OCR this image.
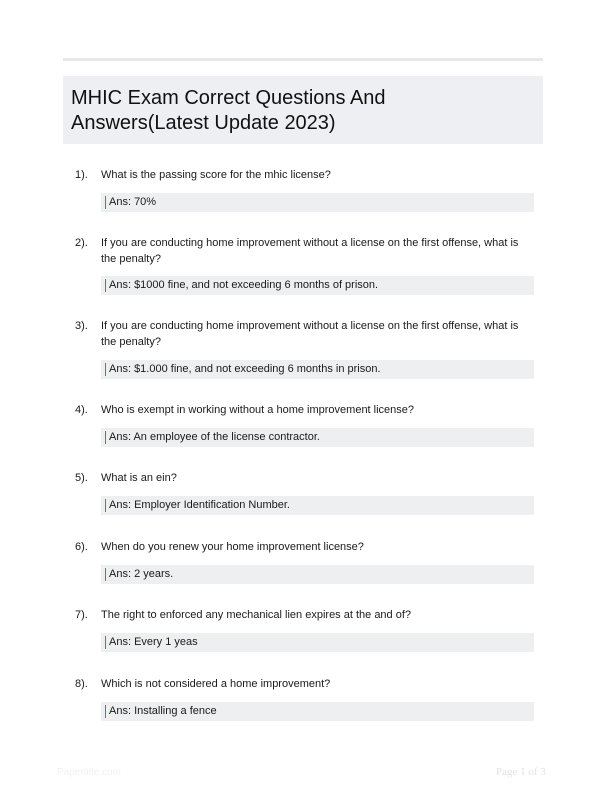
MHIC Exam Correct Questions And
Answers(Latest Update 2023)
1). What is the passing score for the mhic license?
Ans: 70%
2). If you are conducting home improvement without a license on the first offense, what is the penalty?
Ans: $1000 fine, and not exceeding 6 months of prison.
3). If you are conducting home improvement without a license on the first offense, what is the penalty?
Ans: $1.000 fine, and not exceeding 6 months in prison.
4). Who is exempt in working without a home improvement license?
Ans: An employee of the license contractor.
5). What is an ein?
Ans: Employer Identification Number.
6). When do you renew your home improvement license?
Ans: 2 years.
7). The right to enforced any mechanical lien expires at the and of?
Ans: Every 1 yeas
8). Which is not considered a home improvement?
Ans: Installing a fence
Papertitle.com	Page 1 of 3
